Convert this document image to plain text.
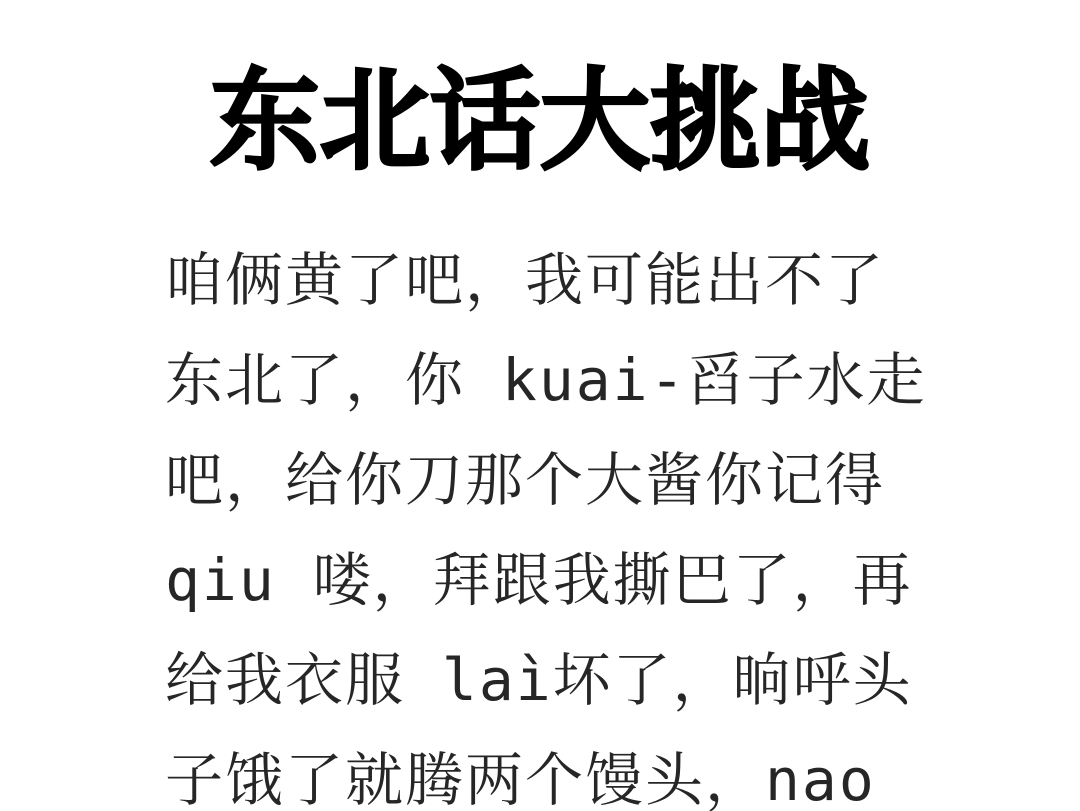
东北话大挑战
咱俩黄了吧，我可能出不了
东北了，你 kuai-舀子水走
吧，给你刀那个大酱你记得
qiu 喽，拜跟我撕巴了，再
给我衣服 laì坏了，晌呼头
子饿了就腾两个馒头，nao
